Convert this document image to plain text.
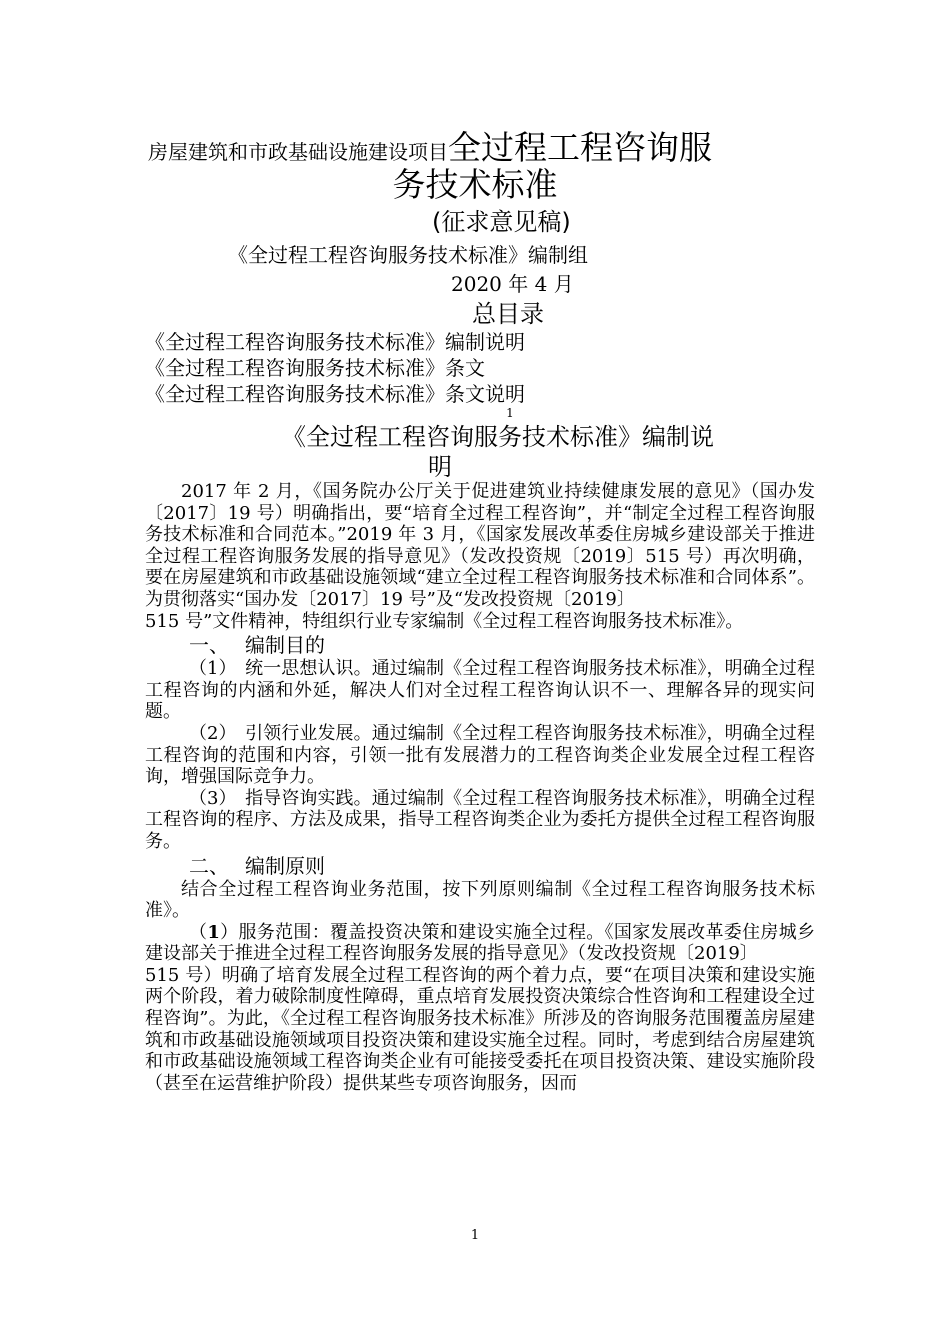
房屋建筑和市政基础设施建设项目全过程工程咨询服
务技术标准
(征求意见稿)
《全过程工程咨询服务技术标准》编制组
2020 年 4 月
总目录
《全过程工程咨询服务技术标准》编制说明
《全过程工程咨询服务技术标准》条文
《全过程工程咨询服务技术标准》条文说明
1
《全过程工程咨询服务技术标准》编制说
明

2017 年 2 月，《国务院办公厅关于促进建筑业持续健康发展的意见》（国办发〔2017〕19 号）明确指出，要“培育全过程工程咨询”，并“制定全过程工程咨询服务技术标准和合同范本。”2019 年 3 月，《国家发展改革委住房城乡建设部关于推进全过程工程咨询服务发展的指导意见》（发改投资规〔2019〕515 号）再次明确，要在房屋建筑和市政基础设施领域“建立全过程工程咨询服务技术标准和合同体系”。为贯彻落实“国办发〔2017〕19 号”及“发改投资规〔2019〕

515 号”文件精神，特组织行业专家编制《全过程工程咨询服务技术标准》。

一、 编制目的

（1） 统一思想认识。通过编制《全过程工程咨询服务技术标准》，明确全过程工程咨询的内涵和外延，解决人们对全过程工程咨询认识不一、理解各异的现实问题。

（2） 引领行业发展。通过编制《全过程工程咨询服务技术标准》，明确全过程工程咨询的范围和内容，引领一批有发展潜力的工程咨询类企业发展全过程工程咨询，增强国际竞争力。

（3） 指导咨询实践。通过编制《全过程工程咨询服务技术标准》，明确全过程工程咨询的程序、方法及成果，指导工程咨询类企业为委托方提供全过程工程咨询服务。

二、 编制原则

结合全过程工程咨询业务范围，按下列原则编制《全过程工程咨询服务技术标准》。

（1）服务范围：覆盖投资决策和建设实施全过程。《国家发展改革委住房城乡建设部关于推进全过程工程咨询服务发展的指导意见》（发改投资规〔2019〕

515 号）明确了培育发展全过程工程咨询的两个着力点，要“在项目决策和建设实施两个阶段，着力破除制度性障碍，重点培育发展投资决策综合性咨询和工程建设全过程咨询”。为此，《全过程工程咨询服务技术标准》所涉及的咨询服务范围覆盖房屋建筑和市政基础设施领域项目投资决策和建设实施全过程。同时，考虑到结合房屋建筑和市政基础设施领域工程咨询类企业有可能接受委托在项目投资决策、建设实施阶段（甚至在运营维护阶段）提供某些专项咨询服务，因而

1
